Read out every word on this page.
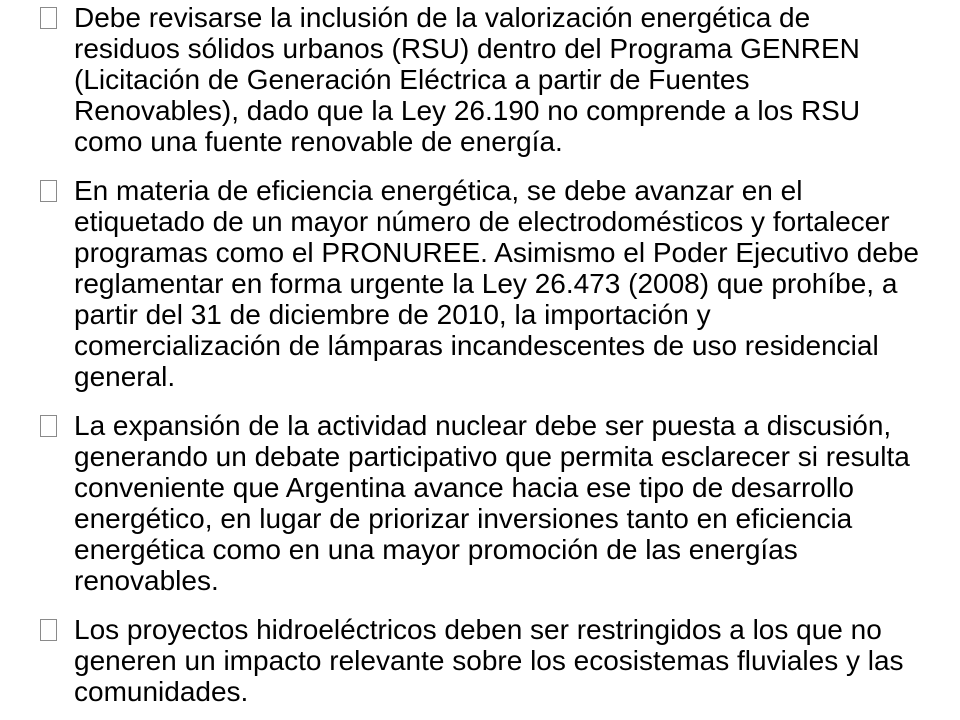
Debe revisarse la inclusión de la valorización energética de residuos sólidos urbanos (RSU) dentro del Programa GENREN (Licitación de Generación Eléctrica a partir de Fuentes Renovables), dado que la Ley 26.190 no comprende a los RSU como una fuente renovable de energía.
En materia de eficiencia energética, se debe avanzar en el etiquetado de un mayor número de electrodomésticos y fortalecer programas como el PRONUREE. Asimismo el Poder Ejecutivo debe reglamentar en forma urgente la Ley 26.473 (2008) que prohíbe, a partir del 31 de diciembre de 2010, la importación y comercialización de lámparas incandescentes de uso residencial general.
La expansión de la actividad nuclear debe ser puesta a discusión, generando un debate participativo que permita esclarecer si resulta conveniente que Argentina avance hacia ese tipo de desarrollo energético, en lugar de priorizar inversiones tanto en eficiencia energética como en una mayor promoción de las energías renovables.
Los proyectos hidroeléctricos deben ser restringidos a los que no generen un impacto relevante sobre los ecosistemas fluviales y las comunidades.
